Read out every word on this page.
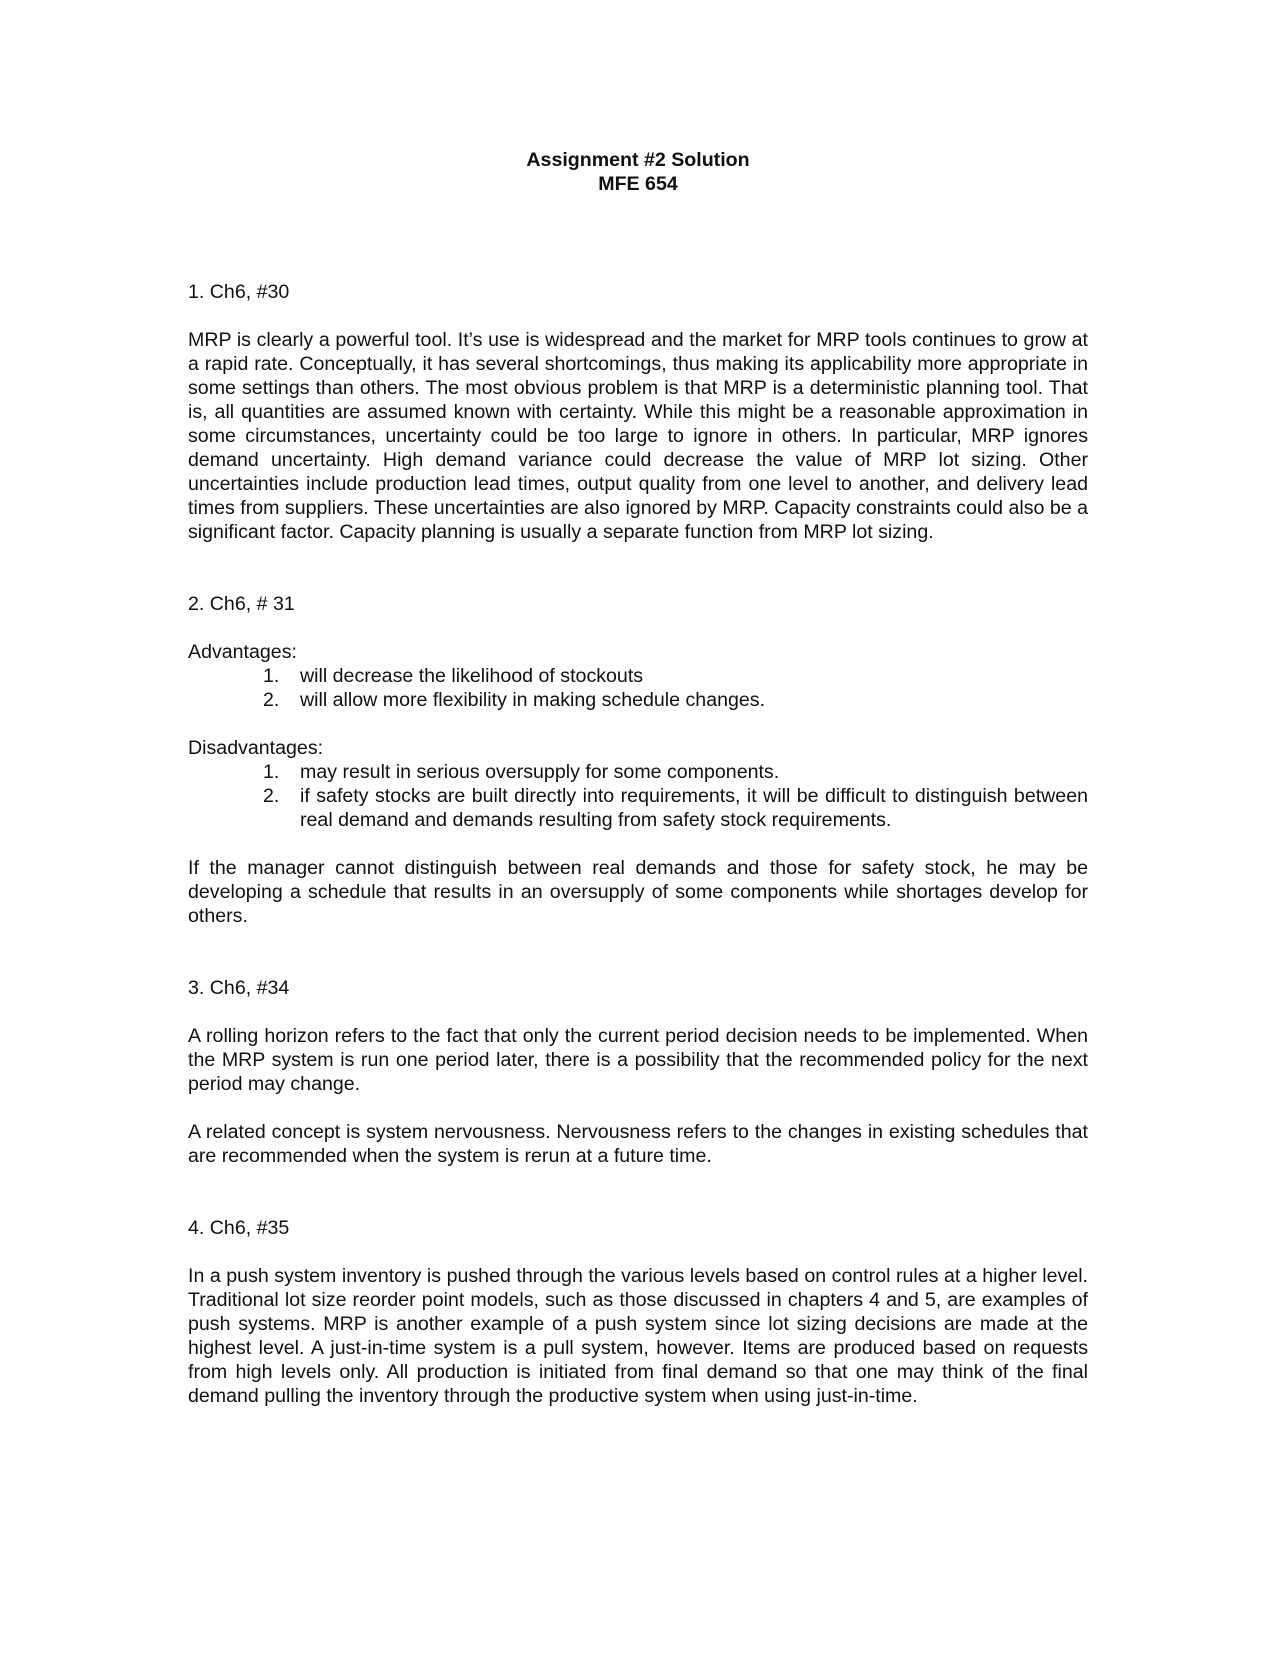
Assignment #2 Solution
MFE 654

1. Ch6, #30

MRP is clearly a powerful tool. It’s use is widespread and the market for MRP tools continues to grow at a rapid rate. Conceptually, it has several shortcomings, thus making its applicability more appropriate in some settings than others. The most obvious problem is that MRP is a deterministic planning tool. That is, all quantities are assumed known with certainty. While this might be a reasonable approximation in some circumstances, uncertainty could be too large to ignore in others. In particular, MRP ignores demand uncertainty. High demand variance could decrease the value of MRP lot sizing. Other uncertainties include production lead times, output quality from one level to another, and delivery lead times from suppliers. These uncertainties are also ignored by MRP. Capacity constraints could also be a significant factor. Capacity planning is usually a separate function from MRP lot sizing.

2. Ch6, # 31

Advantages:

1.	will decrease the likelihood of stockouts
2.	will allow more flexibility in making schedule changes.

Disadvantages:

1.	may result in serious oversupply for some components.
2.	if safety stocks are built directly into requirements, it will be difficult to distinguish between real demand and demands resulting from safety stock requirements.

If the manager cannot distinguish between real demands and those for safety stock, he may be developing a schedule that results in an oversupply of some components while shortages develop for others.

3. Ch6, #34

A rolling horizon refers to the fact that only the current period decision needs to be implemented. When the MRP system is run one period later, there is a possibility that the recommended policy for the next period may change.

A related concept is system nervousness. Nervousness refers to the changes in existing schedules that are recommended when the system is rerun at a future time.

4. Ch6, #35

In a push system inventory is pushed through the various levels based on control rules at a higher level. Traditional lot size reorder point models, such as those discussed in chapters 4 and 5, are examples of push systems. MRP is another example of a push system since lot sizing decisions are made at the highest level. A just-in-time system is a pull system, however. Items are produced based on requests from high levels only. All production is initiated from final demand so that one may think of the final demand pulling the inventory through the productive system when using just-in-time.
